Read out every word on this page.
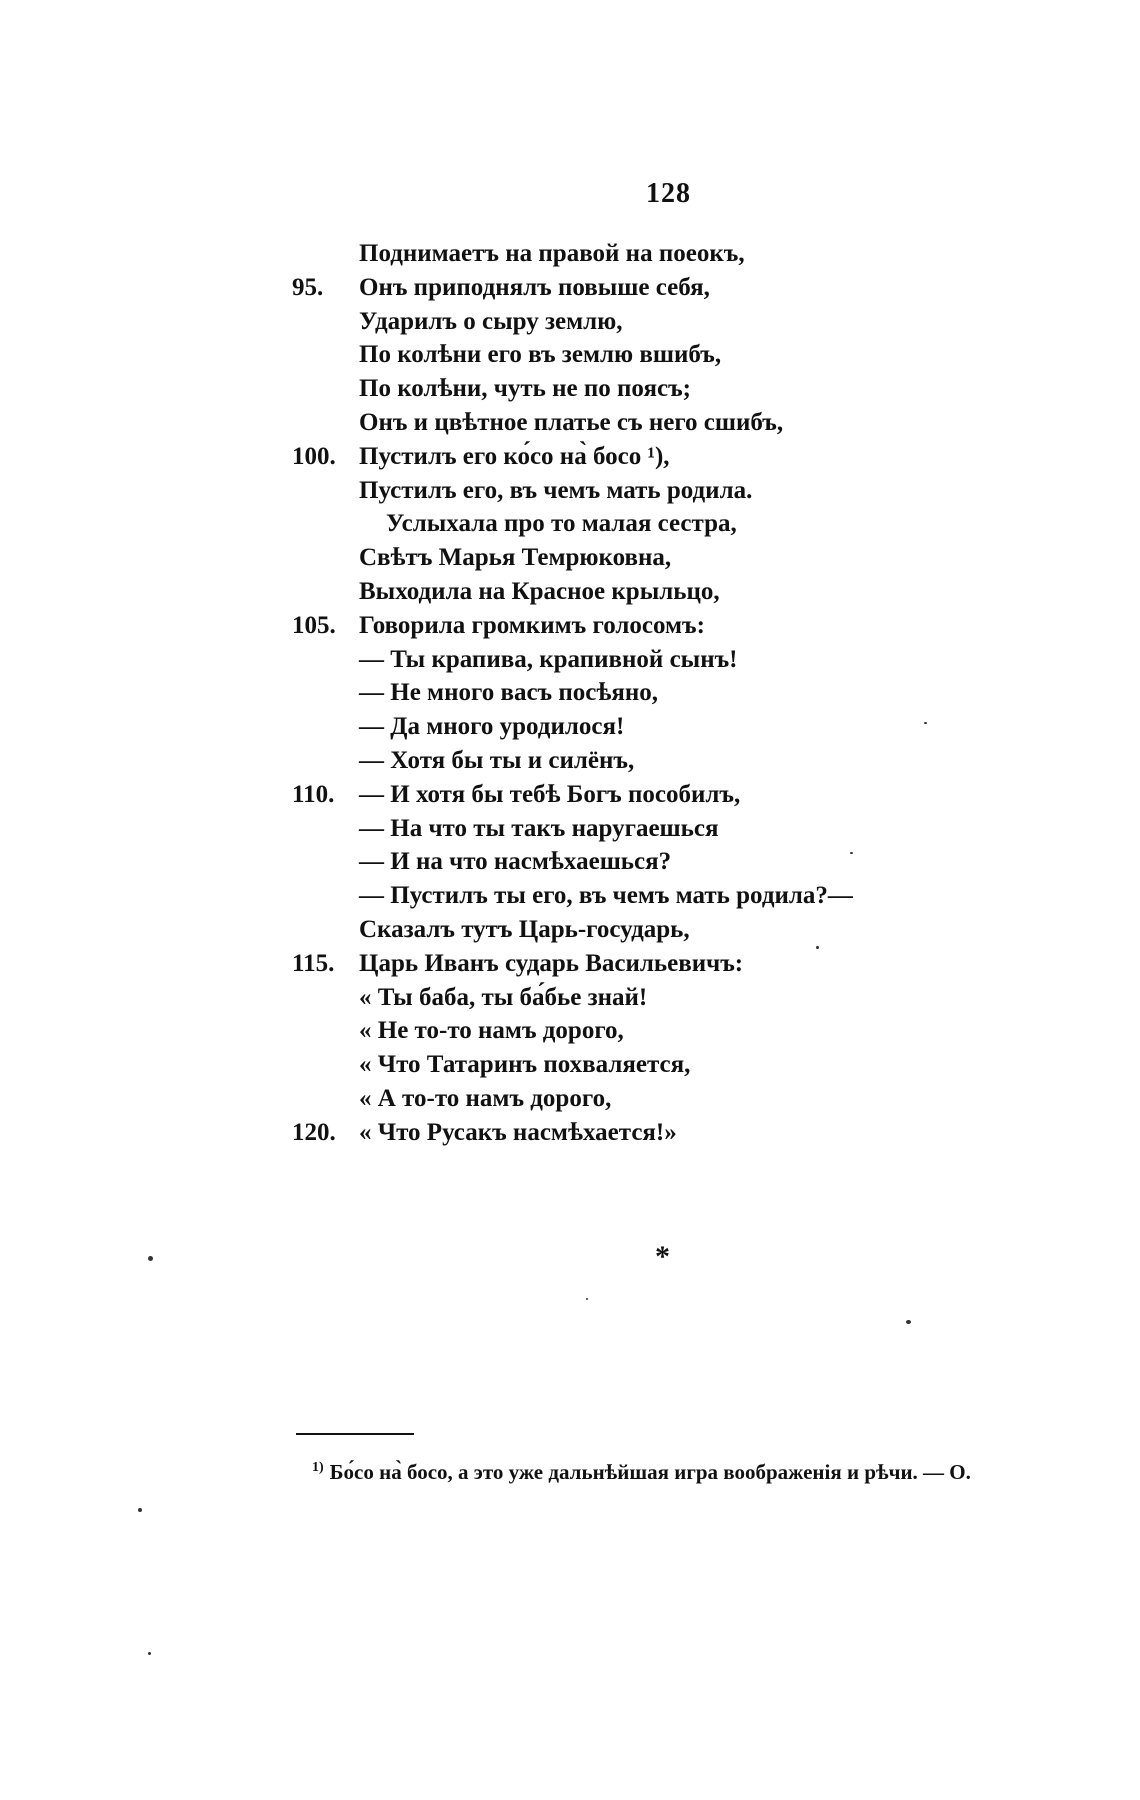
128
Поднимаетъ на правой на поеокъ,
95.	Онъ приподнялъ повыше себя,
Ударилъ о сыру землю,
По колѣни его въ землю вшибъ,
По колѣни, чуть не по поясъ;
Онъ и цвѣтное платье съ него сшибъ,
100. Пустилъ его ко́со на̀ босо ¹),
Пустилъ его, въ чемъ мать родила.
Услыхала про то малая сестра,
Свѣтъ Марья Темрюковна,
Выходила на Красное крыльцо,
105. Говорила громкимъ голосомъ:
— Ты крапива, крапивной сынъ!
— Не много васъ посѣяно,
— Да много уродилося!
— Хотя бы ты и силёнъ,
110. — И хотя бы тебѣ Богъ пособилъ,
— На что ты такъ наругаешься
— И на что насмѣхаешься?
— Пустилъ ты его, въ чемъ мать родила?—
Сказалъ тутъ Царь-государь,
115. Царь Иванъ сударь Васильевичъ:
« Ты баба, ты ба́бье знай!
« Не то-то намъ дорого,
« Что Татаринъ похваляется,
« А то-то намъ дорого,
120. « Что Русакъ насмѣхается!»
*
$^{1)}$ Бо́со на̀ босо, а это уже дальнѣйшая игра воображенія и рѣчи. — О.
